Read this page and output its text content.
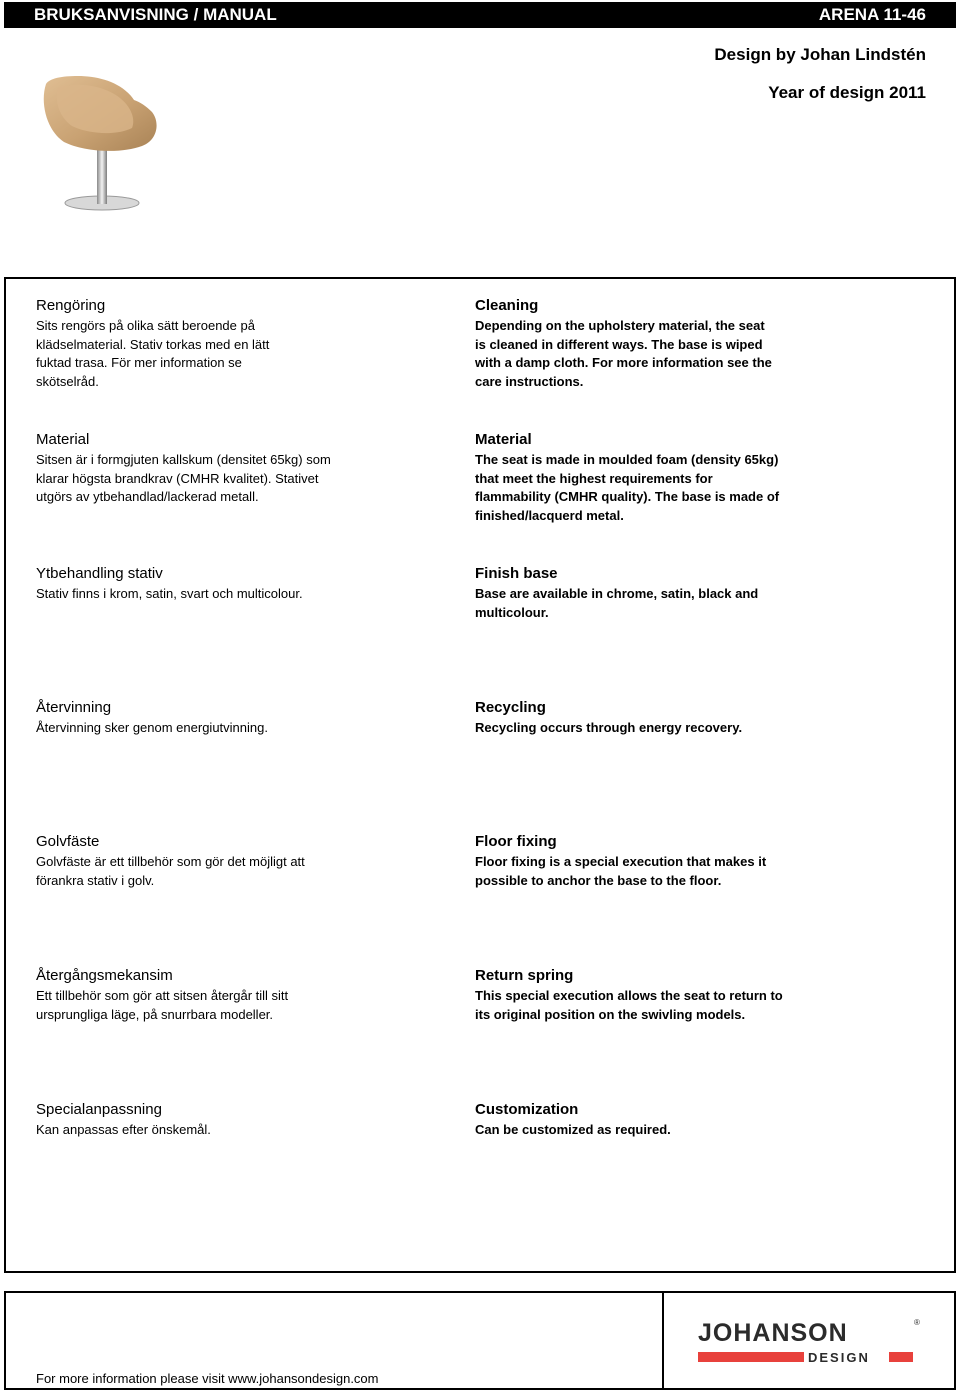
BRUKSANVISNING / MANUAL	ARENA 11-46
Design by Johan Lindstén
Year of design 2011
Rengöring
Sits rengörs på olika sätt beroende på klädselmaterial. Stativ torkas med en lätt fuktad trasa. För mer information se skötselråd.
Cleaning
Depending on the upholstery material, the seat is cleaned in different ways. The base is wiped with a damp cloth. For more information see the care instructions.
Material
Sitsen är i formgjuten kallskum (densitet 65kg) som klarar högsta brandkrav (CMHR kvalitet). Stativet utgörs av ytbehandlad/lackerad metall.
Material
The seat is made in moulded foam (density 65kg) that meet the highest requirements for flammability (CMHR quality). The base is made of finished/lacquerd metal.
Ytbehandling stativ
Stativ finns i krom, satin, svart och multicolour.
Finish base
Base are available in chrome, satin, black and multicolour.
Återvinning
Återvinning sker genom energiutvinning.
Recycling
Recycling occurs through energy recovery.
Golvfäste
Golvfäste är ett tillbehör som gör det möjligt att förankra stativ i golv.
Floor fixing
Floor fixing is a special execution that makes it possible to anchor the base to the floor.
Återgångsmekansim
Ett tillbehör som gör att sitsen återgår till sitt ursprungliga läge, på snurrbara modeller.
Return spring
This special execution allows the seat to return to its original position on the swivling models.
Specialanpassning
Kan anpassas efter önskemål.
Customization
Can be customized as required.
For more information please visit www.johansondesign.com
JOHANSON	®
DESIGN
